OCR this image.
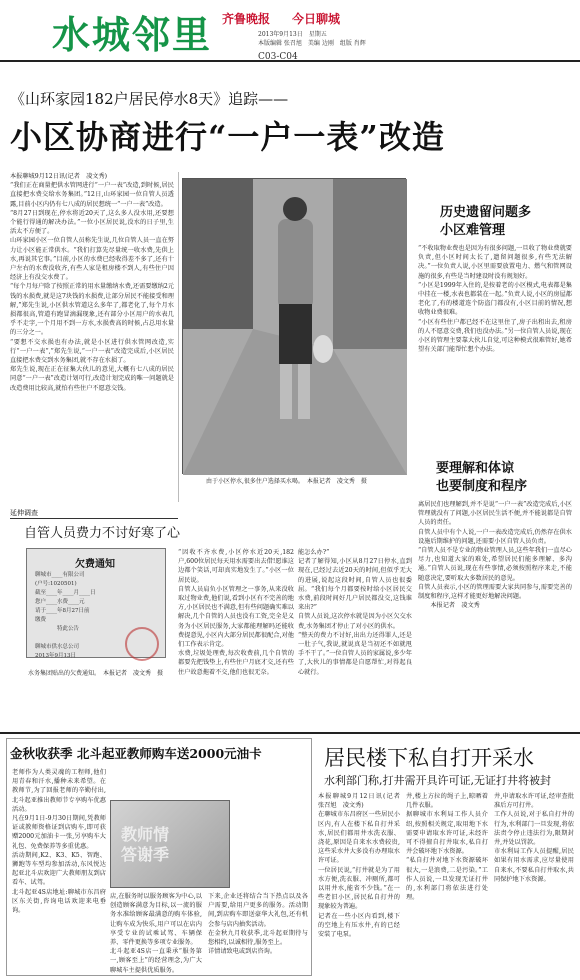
水城邻里 齐鲁晚报 今日聊城
2013年9月13日　星期五
本版编辑 张召旭　美编 边刚　组版 肖辉

C03-C04
《山环家园182户居民停水8天》追踪——
小区协商进行“一户一表”改造
本报聊城9月12日讯(记者　凌文秀)
“我们正在商量把供水管网进行“一户一表”改造,到时候,居民直接把水费交给水务集团。”12日,山环家园一位自管人员透露,目前小区内仍有七八成的居民想统一“一户一表”改造。
“8月27日到现在,停水将近20天了,这么多人没水用,还要想个能行得通的解决办法。”一位小区居民说,没水的日子里,生活太不方便了。
山环家园小区一位自管人员称先生说,几位自管人员一直在努力让小区能正常供水。“我们打算先尽量统一收水费,先供上水,再说其它事。”目前,小区的水费已经收得差不多了,还有十户左右的水费没收齐,有些人家是租房楼不到人,有些住户因经济上有没交水费了。
“每个月每户除了按照正常的用水量缴纳水费,还需要缴纳2元钱的水损费,就是这7块钱的水损费,让部分居民不能接受和理解,”郑先生说,小区供水管道这么多年了,都老化了,每个月水损都很高,管道有跑冒滴漏现象,还有部分小区用户的水表几乎不走字,一个月用不到一方水,水损费高的时候,占总用水量的三分之一。
“要想不交水损也有办法,就是小区进行供水管网改造,实行“一户一表”,”郑先生说,“一户一表”改造完成后,小区居民直接把水费交到水务集团,就不存在水损了。
郑先生说,现在正在征集大伙儿的意见,大概有七八成的居民同意“一户一表”改造计划可行,改造计划完成的唯一问题就是改造费用比较高,就怕有些住户不愿意交钱。
由于小区停水,很多住户选择买水喝。　本报记者　凌文秀　摄
历史遗留问题多
小区难管理
“不收取物业费也是因为有很多问题,一旦收了物业费就要负责,但小区时间太长了,遗留问题很多,有些无法解决。”一位负责人说,小区里需要放置电力、燃气和管网设施的很多,有些是当时建设时没有规划好。
“小区是1999年入住的,是按着老的小区模式,电表都是集中挂在一楼,水表也都装在一起。”负责人说,小区的房屋都老化了,有的楼道连个防盗门都没有,小区目前的情况,想收物业费很难。
“小区有些住户都已经不在这里住了,房子出租出去,租房的人不愿意交费,我们也没办法。”另一位自管人员说,现在小区的管理主要靠大伙儿自觉,可这种模式很难管好,她希望有关部门能帮忙想个办法。
要理解和体谅
也要制度和程序
离居民们也理解到,并不是说“一户一表”改造完成后,小区管理就没有了问题,小区居民生活不便,并不能说都是自管人员的责任。
自管人员中有个人说,一户一表改造完成后,仍然存在供水设施后期维护的问题,还需要小区自管人员负责。
“自管人员不是专业的物业管理人员,这些年我们一直尽心尽力,也知道大家的难处,希望居民们能多理解、多沟通。”自管人员说,现在有些事情,必须按照程序来走,不能随意决定,要听取大多数居民的意见。
自管人员表示,小区的管理需要大家共同参与,需要完善的制度和程序,这样才能更好地解决问题。
　　本报记者　凌文秀
延伸调查
自管人员费力不讨好寒了心
欠费通知
聊城市____有限公司
(户号:1020501)
截至____年____月____日
您户____水费____元
请于____年8月27日前
缴费
　　　　特此公告

聊城市供水总公司
2013年9月13日
水务集团贴出的欠费通知。　本报记者　凌文秀　摄
“因收不齐水费,小区停水近20天,182户,600位居民每天用水需要出去借!愿谁这边都个笑话,可却真实地发生了。”小区一位居民说。
自管人员肩负小区管理之一事务,从来没收取过物业费,他们说,看到小区有不完善的地方,小区居民也不满意,但有些问题确实难以解决,几个自管的人员也没有工资,完全是义务为小区居民服务,大家都能理解吗还能收费提意见,小区内大部分居民都很配合,对他们工作表示肯定。
水费,垃圾处理费,每次收费前,几个自管的都要先把钱垫上,有些住户月底才交,还有些住户故意拖着不交,他们也很无奈。
能怎么办?”
记者了解得知,小区从8月27日停水,直到现在,已经过去近20天的时间,但似乎无大的进展,说起这段时间,自管人员也很委屈。“我们每个月都要按时给小区居民交水费,前段时间好几户居民都没交,这钱谁来出?”
自管人员说,这次停水就是因为小区欠交水费,水务集团才停止了对小区的供水。
“整天的费力不讨好,出出力还得罪人,还是一肚子气,我说,就说真是当初还不如就甩手不干了。”一位自管人员的家属说,多少年了,大伙儿的事情都是自愿帮忙,对得起良心就行。
金秋收获季 北斗起亚教师购车送2000元油卡
老师作为人类灵魂的工程师,他们用青春和汗水,播种未来希望。在教师节,为了回报老师的辛勤付出,北斗起亚推出教师节专享购车优惠活动。
凡在9月1日-9月30日期间,凭教师证或教师资格证到店购车,即可获赠2000元加油卡一张,另享购车大礼包、免费保养等多重优惠。
活动期间,K2、K3、K5、智跑、狮跑等车型均参加活动,东风悦达起亚北斗店欢迎广大教师朋友到店看车、试驾。
北斗起亚4S店地址:聊城市东昌府区东关街,咨询电话欢迎来电垂询。
教师情
答谢季
店,在服务时以服务顾客为中心,以创造顾客满意为目标,以一流的服务水准给顾客最满意的购车体验,让购车成为快乐,用户可以在店内享受专业的试乘试驾、车辆保养、零件更换等多项专业服务。
北斗起亚4S店一直秉承“服务第一,顾客至上”的经营理念,为广大聊城车主提供优质服务。
下来,企业还将结合当下热点以及各户需要,给用户更多的服务。活动期间,到店购车即送豪华大礼包,还有机会参与店内抽奖活动。
在金秋九月收获季,北斗起亚期待与您相约,以诚相待,服务至上。
详情请致电或到店咨询。
居民楼下私自打开采水
水利部门称,打井需开具许可证,无证打井将被封
本报聊城9月12日讯(记者　张召旭　凌文秀)
在聊城市东昌府区一些居民小区内,有人在楼下私自打井采水,居民们都用井水洗衣服、浇花,原因是自来水水费较贵,这些采水井大多没有办理取水许可证。
一位居民说,“打井就是为了用水方便,洗衣服、冲厕所,都可以用井水,能省不少钱。”在一些老旧小区,居民私自打井的现象较为普遍。
记者在一些小区内看到,楼下的空地上有压水井,有的已经安装了电泵。
井,楼上方拉的绳子上,晾晒着几件衣服。
据聊城市水利局工作人员介绍,按照相关规定,取用地下水需要申请取水许可证,未经许可不得擅自打井取水,私自打井会破坏地下水资源。
“私自打井对地下水资源破坏很大,一是浪费,二是污染。”工作人员说,一旦发现无证打井的,水利部门将依法进行处理。
井,申请取水许可证,经审查批准后方可打井。
工作人员说,对于私自打井的行为,水利部门一旦发现,将依法责令停止违法行为,限期封井,并处以罚款。
市水利局工作人员提醒,居民如果有用水需求,应尽量使用自来水,不要私自打井取水,共同保护地下水资源。
